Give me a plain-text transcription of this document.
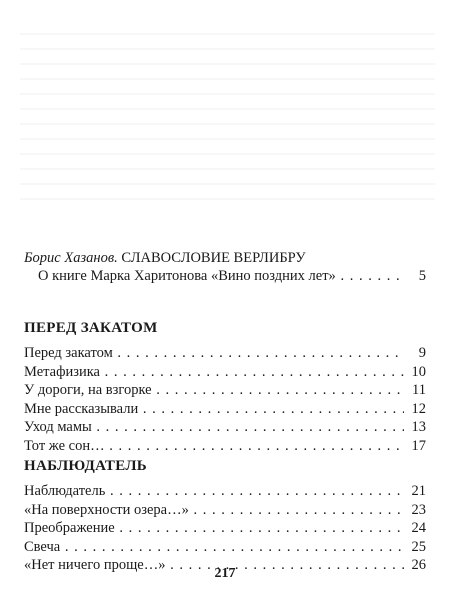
Борис Хазанов. СЛАВОСЛОВИЕ ВЕРЛИБРУ
О книге Марка Харитонова «Вино поздних лет» . . .	5
ПЕРЕД ЗАКАТОМ
Перед закатом . . .	9
Метафизика . . .	10
У дороги, на взгорке . . .	11
Мне рассказывали . . .	12
Уход мамы . . .	13
Тот же сон… . . .	17
НАБЛЮДАТЕЛЬ
Наблюдатель . . .	21
«На поверхности озера…» . . .	23
Преображение . . .	24
Свеча . . .	25
«Нет ничего проще…» . . .	26
217
